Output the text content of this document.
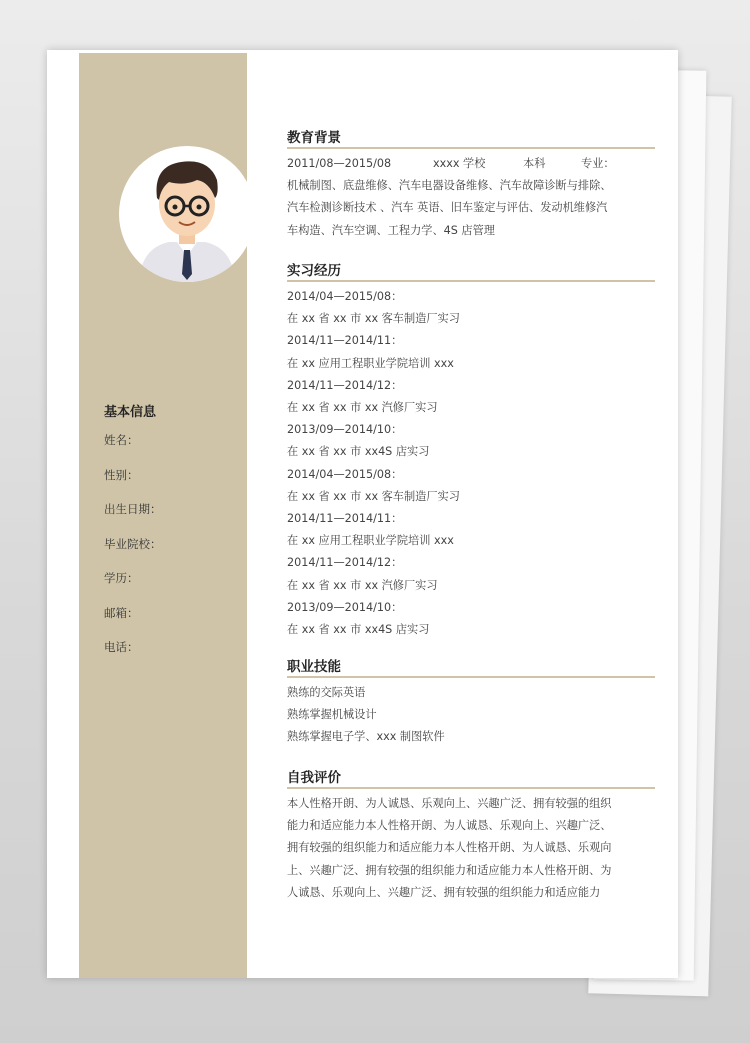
基本信息
姓名：
性别：
出生日期：
毕业院校：
学历：
邮箱：
电话：
教育背景

2011/08—2015/08	xxxx 学校	本科	专业：

机械制图、底盘维修、汽车电器设备维修、汽车故障诊断与排除、

汽车检测诊断技术 、汽车 英语、旧车鉴定与评估、发动机维修汽

车构造、汽车空调、工程力学、4S 店管理

实习经历

2014/04—2015/08：

在 xx 省 xx 市 xx 客车制造厂实习

2014/11—2014/11：

在 xx 应用工程职业学院培训 xxx

2014/11—2014/12：

在 xx 省 xx 市 xx 汽修厂实习

2013/09—2014/10：

在 xx 省 xx 市 xx4S 店实习

2014/04—2015/08：

在 xx 省 xx 市 xx 客车制造厂实习

2014/11—2014/11：

在 xx 应用工程职业学院培训 xxx

2014/11—2014/12：

在 xx 省 xx 市 xx 汽修厂实习

2013/09—2014/10：

在 xx 省 xx 市 xx4S 店实习

职业技能

熟练的交际英语

熟练掌握机械设计

熟练掌握电子学、xxx 制图软件

自我评价

本人性格开朗、为人诚恳、乐观向上、兴趣广泛、拥有较强的组织

能力和适应能力本人性格开朗、为人诚恳、乐观向上、兴趣广泛、

拥有较强的组织能力和适应能力本人性格开朗、为人诚恳、乐观向

上、兴趣广泛、拥有较强的组织能力和适应能力本人性格开朗、为

人诚恳、乐观向上、兴趣广泛、拥有较强的组织能力和适应能力
